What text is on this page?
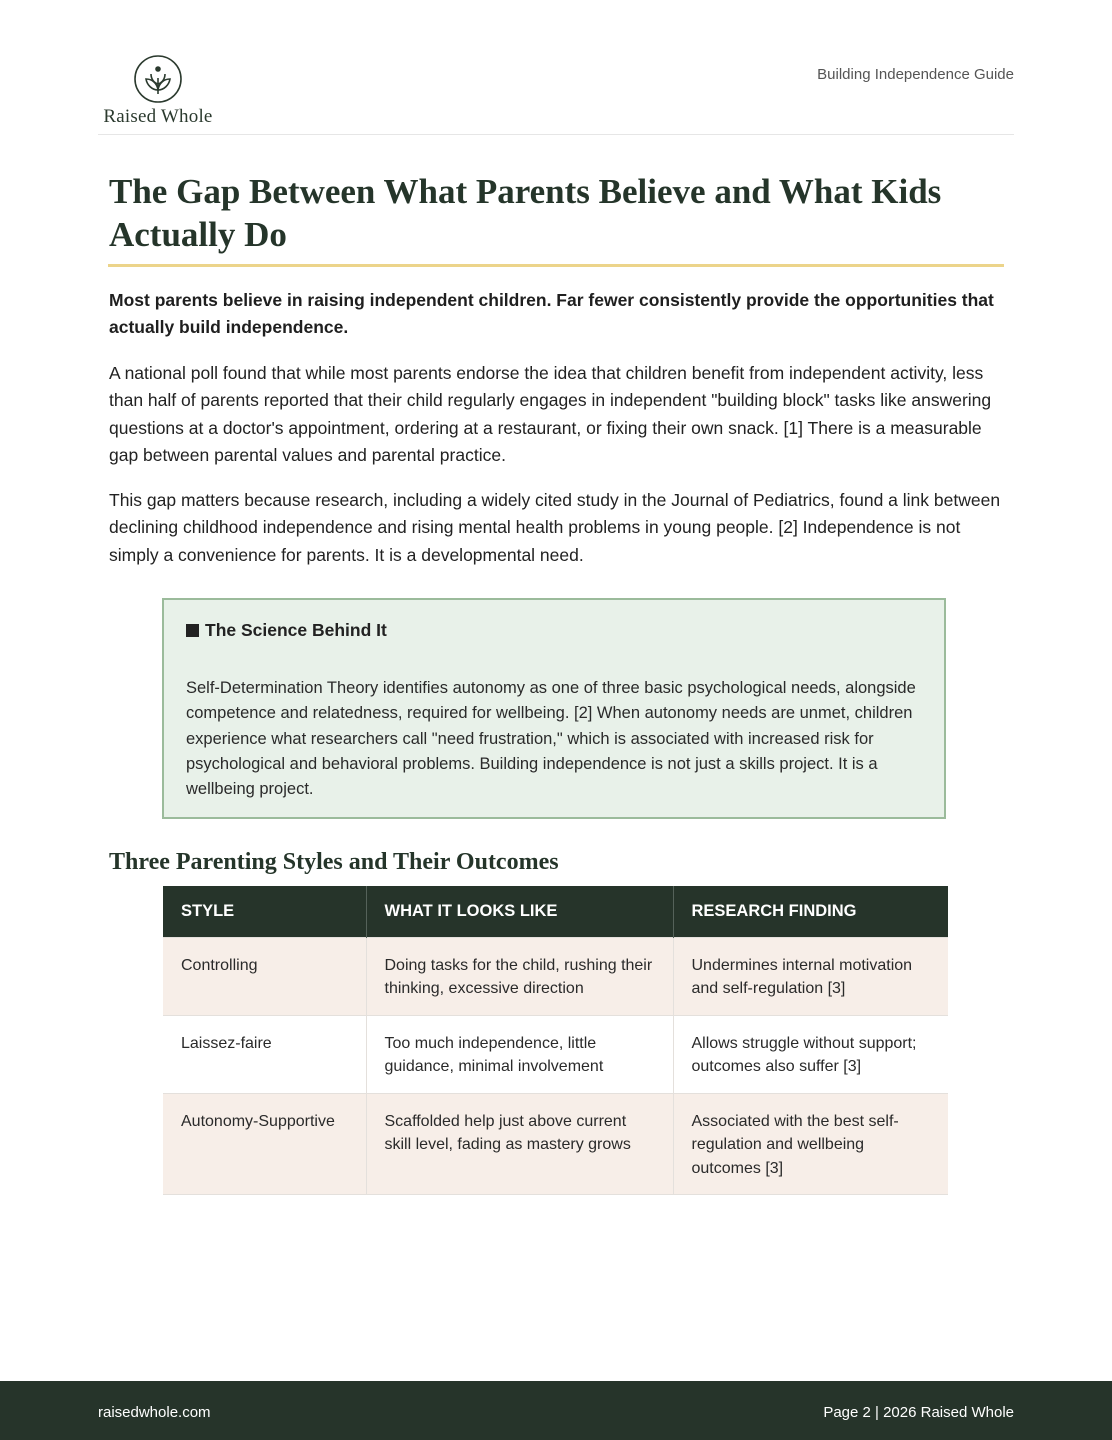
Raised Whole
Building Independence Guide
The Gap Between What Parents Believe and What Kids Actually Do

Most parents believe in raising independent children. Far fewer consistently provide the opportunities that actually build independence.

A national poll found that while most parents endorse the idea that children benefit from independent activity, less than half of parents reported that their child regularly engages in independent "building block" tasks like answering questions at a doctor's appointment, ordering at a restaurant, or fixing their own snack. [1] There is a measurable gap between parental values and parental practice.

This gap matters because research, including a widely cited study in the Journal of Pediatrics, found a link between declining childhood independence and rising mental health problems in young people. [2] Independence is not simply a convenience for parents. It is a developmental need.

The Science Behind It

Self-Determination Theory identifies autonomy as one of three basic psychological needs, alongside competence and relatedness, required for wellbeing. [2] When autonomy needs are unmet, children experience what researchers call "need frustration," which is associated with increased risk for psychological and behavioral problems. Building independence is not just a skills project. It is a wellbeing project.

Three Parenting Styles and Their Outcomes
STYLE	WHAT IT LOOKS LIKE	RESEARCH FINDING
Controlling	Doing tasks for the child, rushing their thinking, excessive direction	Undermines internal motivation and self-regulation [3]
Laissez-faire	Too much independence, little guidance, minimal involvement	Allows struggle without support; outcomes also suffer [3]
Autonomy-Supportive	Scaffolded help just above current skill level, fading as mastery grows	Associated with the best self-regulation and wellbeing outcomes [3]
raisedwhole.com	Page 2 | 2026 Raised Whole
